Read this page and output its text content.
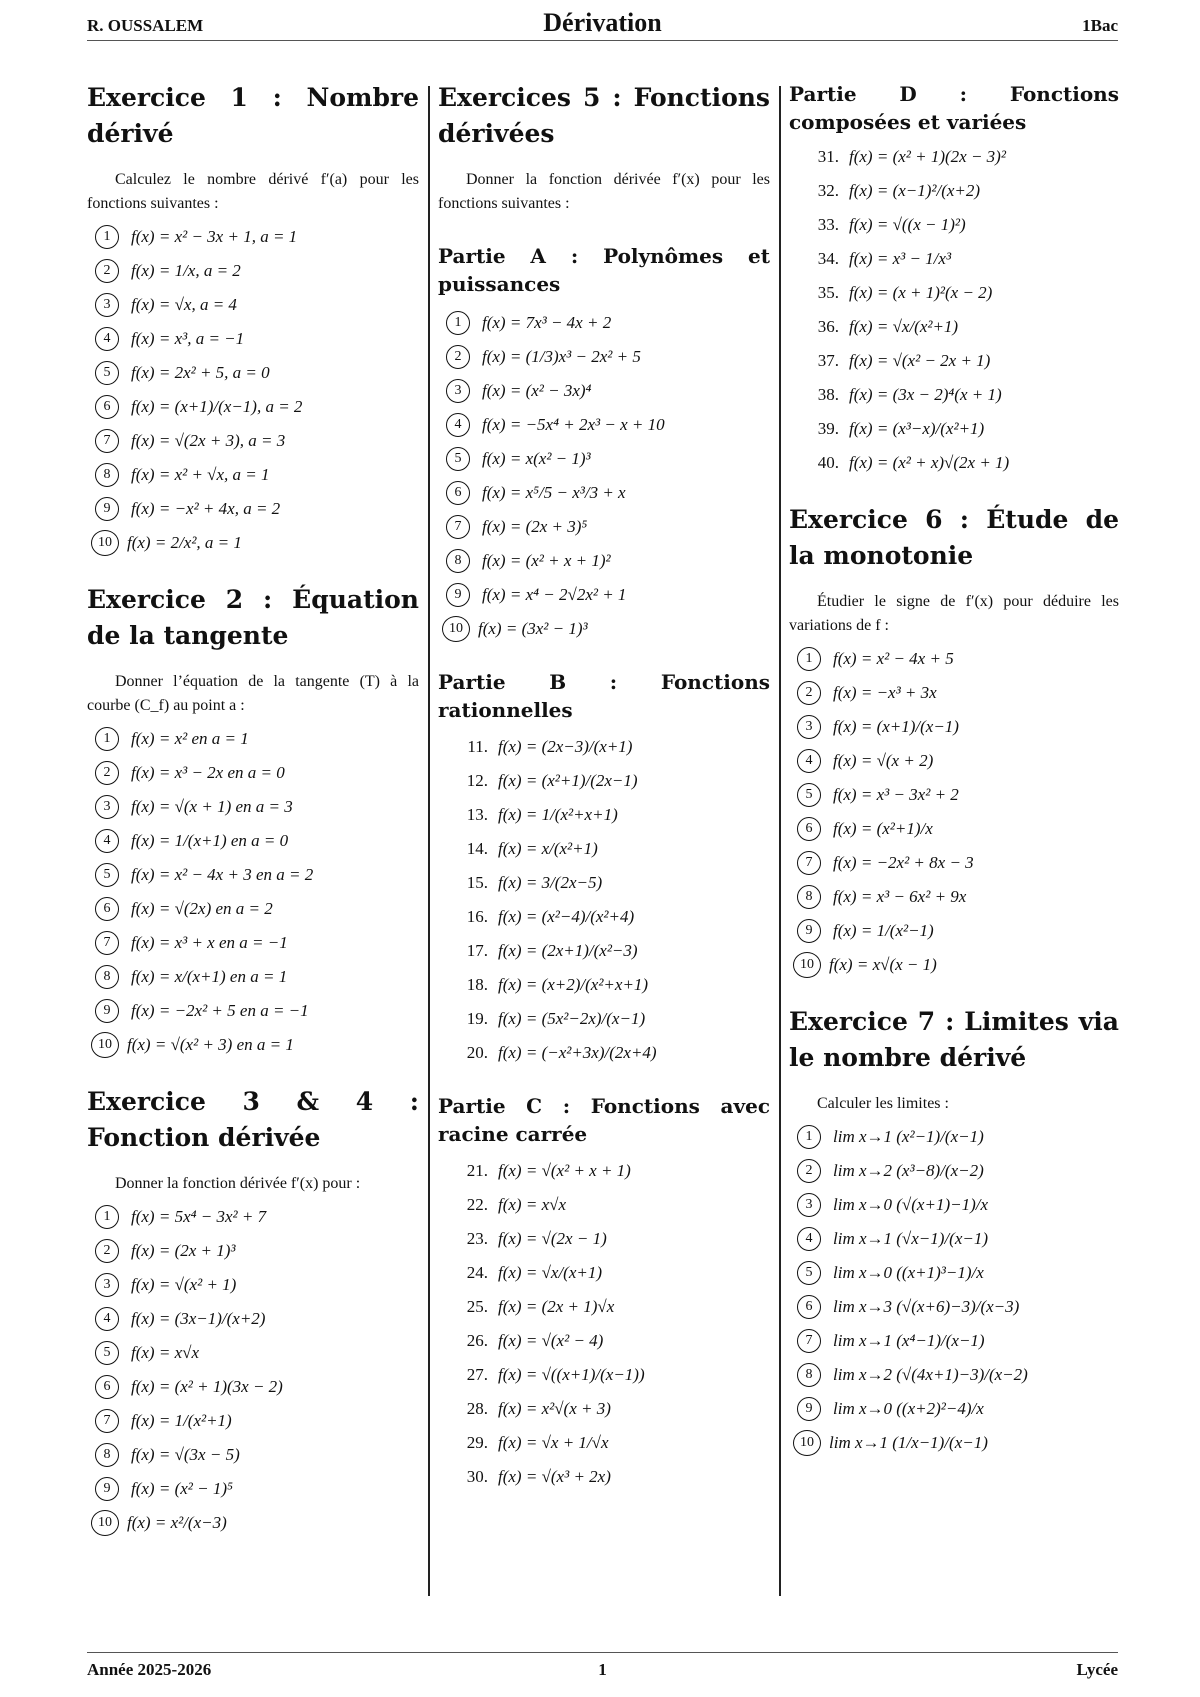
R. OUSSALEM	Dérivation	1Bac
Exercice 1 : Nombre dérivé

Calculez le nombre dérivé f′(a) pour les fonctions suivantes :

1	f(x) = x² − 3x + 1, a = 1
2	f(x) = 1/x, a = 2
3	f(x) = √x, a = 4
4	f(x) = x³, a = −1
5	f(x) = 2x² + 5, a = 0
6	f(x) = (x+1)/(x−1), a = 2
7	f(x) = √(2x + 3), a = 3
8	f(x) = x² + √x, a = 1
9	f(x) = −x² + 4x, a = 2
10 f(x) = 2/x², a = 1
Exercice 2 : Équation de la tangente

Donner l’équation de la tangente (T) à la courbe (C_f) au point a :

1	f(x) = x² en a = 1
2	f(x) = x³ − 2x en a = 0
3	f(x) = √(x + 1) en a = 3
4	f(x) = 1/(x+1) en a = 0
5	f(x) = x² − 4x + 3 en a = 2
6	f(x) = √(2x) en a = 2
7	f(x) = x³ + x en a = −1
8	f(x) = x/(x+1) en a = 1
9	f(x) = −2x² + 5 en a = −1
10 f(x) = √(x² + 3) en a = 1
Exercice 3 & 4 : Fonction dérivée

Donner la fonction dérivée f′(x) pour :

1	f(x) = 5x⁴ − 3x² + 7
2	f(x) = (2x + 1)³
3	f(x) = √(x² + 1)
4	f(x) = (3x−1)/(x+2)
5	f(x) = x√x
6	f(x) = (x² + 1)(3x − 2)
7	f(x) = 1/(x²+1)
8	f(x) = √(3x − 5)
9	f(x) = (x² − 1)⁵
10 f(x) = x²/(x−3)
Exercices 5 : Fonctions dérivées

Donner la fonction dérivée f′(x) pour les fonctions suivantes :

Partie A : Polynômes et puissances
1	f(x) = 7x³ − 4x + 2
2	f(x) = (1/3)x³ − 2x² + 5
3	f(x) = (x² − 3x)⁴
4	f(x) = −5x⁴ + 2x³ − x + 10
5	f(x) = x(x² − 1)³
6	f(x) = x⁵/5 − x³/3 + x
7	f(x) = (2x + 3)⁵
8	f(x) = (x² + x + 1)²
9	f(x) = x⁴ − 2√2x² + 1
10 f(x) = (3x² − 1)³
Partie B : Fonctions rationnelles
11. f(x) = (2x−3)/(x+1)
12. f(x) = (x²+1)/(2x−1)
13. f(x) = 1/(x²+x+1)
14. f(x) = x/(x²+1)
15. f(x) = 3/(2x−5)
16. f(x) = (x²−4)/(x²+4)
17. f(x) = (2x+1)/(x²−3)
18. f(x) = (x+2)/(x²+x+1)
19. f(x) = (5x²−2x)/(x−1)
20. f(x) = (−x²+3x)/(2x+4)
Partie C : Fonctions avec racine carrée
21. f(x) = √(x² + x + 1)
22. f(x) = x√x
23. f(x) = √(2x − 1)
24. f(x) = √x/(x+1)
25. f(x) = (2x + 1)√x
26. f(x) = √(x² − 4)
27. f(x) = √((x+1)/(x−1))
28. f(x) = x²√(x + 3)
29. f(x) = √x + 1/√x
30. f(x) = √(x³ + 2x)
Partie D : Fonctions composées et variées
31. f(x) = (x² + 1)(2x − 3)²
32. f(x) = (x−1)²/(x+2)
33. f(x) = √((x − 1)²)
34. f(x) = x³ − 1/x³
35. f(x) = (x + 1)²(x − 2)
36. f(x) = √x/(x²+1)
37. f(x) = √(x² − 2x + 1)
38. f(x) = (3x − 2)⁴(x + 1)
39. f(x) = (x³−x)/(x²+1)
40. f(x) = (x² + x)√(2x + 1)
Exercice 6 : Étude de la monotonie

Étudier le signe de f′(x) pour déduire les variations de f :

1	f(x) = x² − 4x + 5
2	f(x) = −x³ + 3x
3	f(x) = (x+1)/(x−1)
4	f(x) = √(x + 2)
5	f(x) = x³ − 3x² + 2
6	f(x) = (x²+1)/x
7	f(x) = −2x² + 8x − 3
8	f(x) = x³ − 6x² + 9x
9	f(x) = 1/(x²−1)
10 f(x) = x√(x − 1)
Exercice 7 : Limites via le nombre dérivé

Calculer les limites :

1	lim x→1 (x²−1)/(x−1)
2	lim x→2 (x³−8)/(x−2)
3	lim x→0 (√(x+1)−1)/x
4	lim x→1 (√x−1)/(x−1)
5	lim x→0 ((x+1)³−1)/x
6	lim x→3 (√(x+6)−3)/(x−3)
7	lim x→1 (x⁴−1)/(x−1)
8	lim x→2 (√(4x+1)−3)/(x−2)
9	lim x→0 ((x+2)²−4)/x
10 lim x→1 (1/x−1)/(x−1)
Année 2025-2026	1	Lycée
